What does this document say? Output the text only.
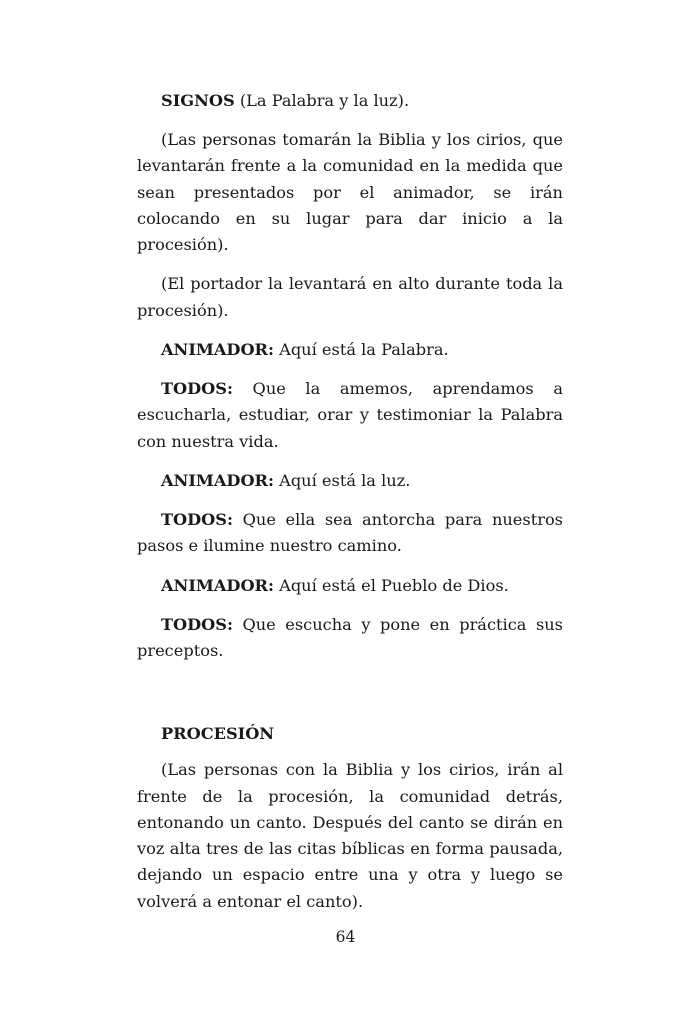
SIGNOS (La Palabra y la luz).

(Las personas tomarán la Biblia y los cirios, que levantarán frente a la comunidad en la medida que sean presentados por el animador, se irán colocando en su lugar para dar inicio a la procesión).

(El portador la levantará en alto durante toda la procesión).

ANIMADOR: Aquí está la Palabra.

TODOS: Que la amemos, aprendamos a escucharla, estudiar, orar y testimoniar la Palabra con nuestra vida.

ANIMADOR: Aquí está la luz.

TODOS: Que ella sea antorcha para nuestros pasos e ilumine nuestro camino.

ANIMADOR: Aquí está el Pueblo de Dios.

TODOS: Que escucha y pone en práctica sus preceptos.

PROCESIÓN

(Las personas con la Biblia y los cirios, irán al frente de la procesión, la comunidad detrás, entonando un canto. Después del canto se dirán en voz alta tres de las citas bíblicas en forma pausada, dejando un espacio entre una y otra y luego se volverá a entonar el canto).

64
